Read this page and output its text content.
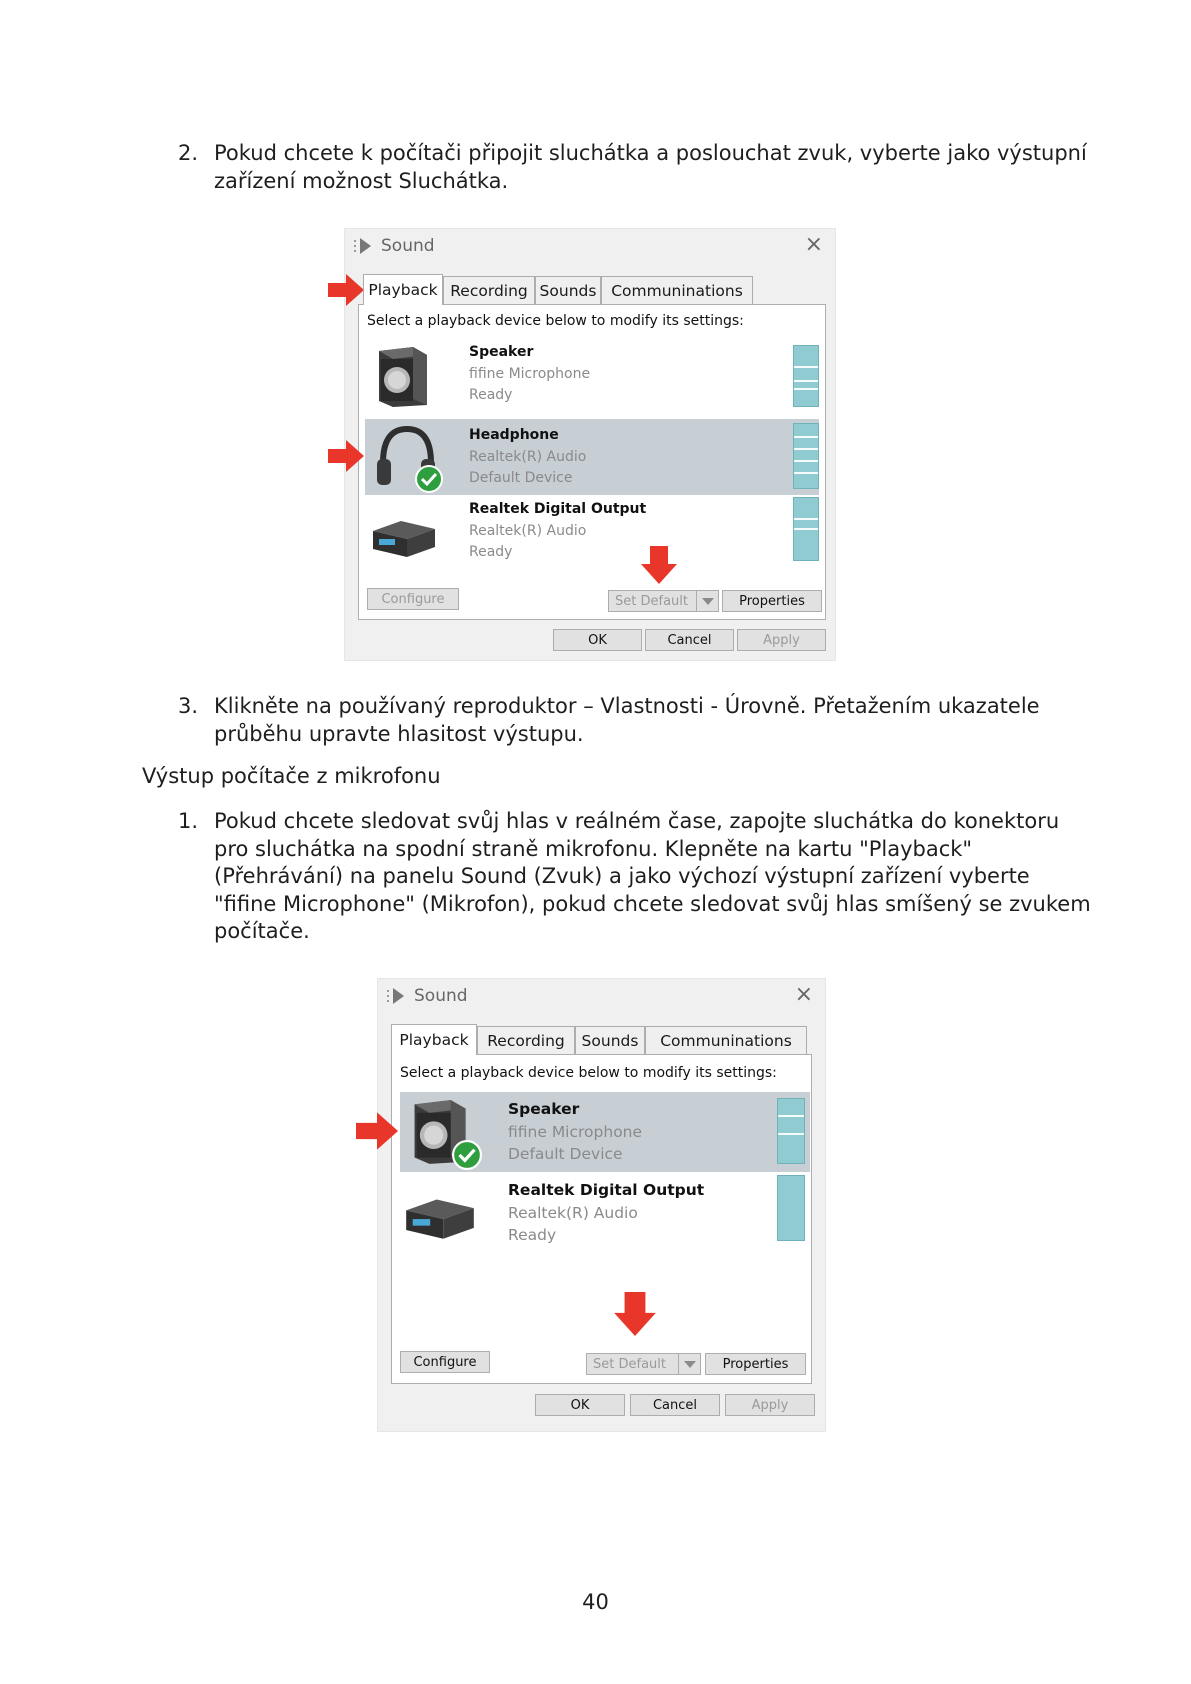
2. Pokud chcete k počítači připojit sluchátka a poslouchat zvuk, vyberte jako výstupní
zařízení možnost Sluchátka.
Sound	×
Playback Recording Sounds Communinations
Select a playback device below to modify its settings:
Speaker
fifine Microphone
Ready
Headphone
Realtek(R) Audio
Default Device
Realtek Digital Output
Realtek(R) Audio
Ready
Configure	Set Default	Properties
OK	Cancel	Apply
3. Klikněte na používaný reproduktor – Vlastnosti - Úrovně. Přetažením ukazatele
průběhu upravte hlasitost výstupu.
Výstup počítače z mikrofonu
1. Pokud chcete sledovat svůj hlas v reálném čase, zapojte sluchátka do konektoru
pro sluchátka na spodní straně mikrofonu. Klepněte na kartu "Playback"
(Přehrávání) na panelu Sound (Zvuk) a jako výchozí výstupní zařízení vyberte
"fifine Microphone" (Mikrofon), pokud chcete sledovat svůj hlas smíšený se zvukem
počítače.
Sound	×
Playback	Recording	Sounds	Communinations
Select a playback device below to modify its settings:
Speaker
fifine Microphone
Default Device
Realtek Digital Output
Realtek(R) Audio
Ready
Configure	Set Default	Properties
OK	Cancel	Apply
40
